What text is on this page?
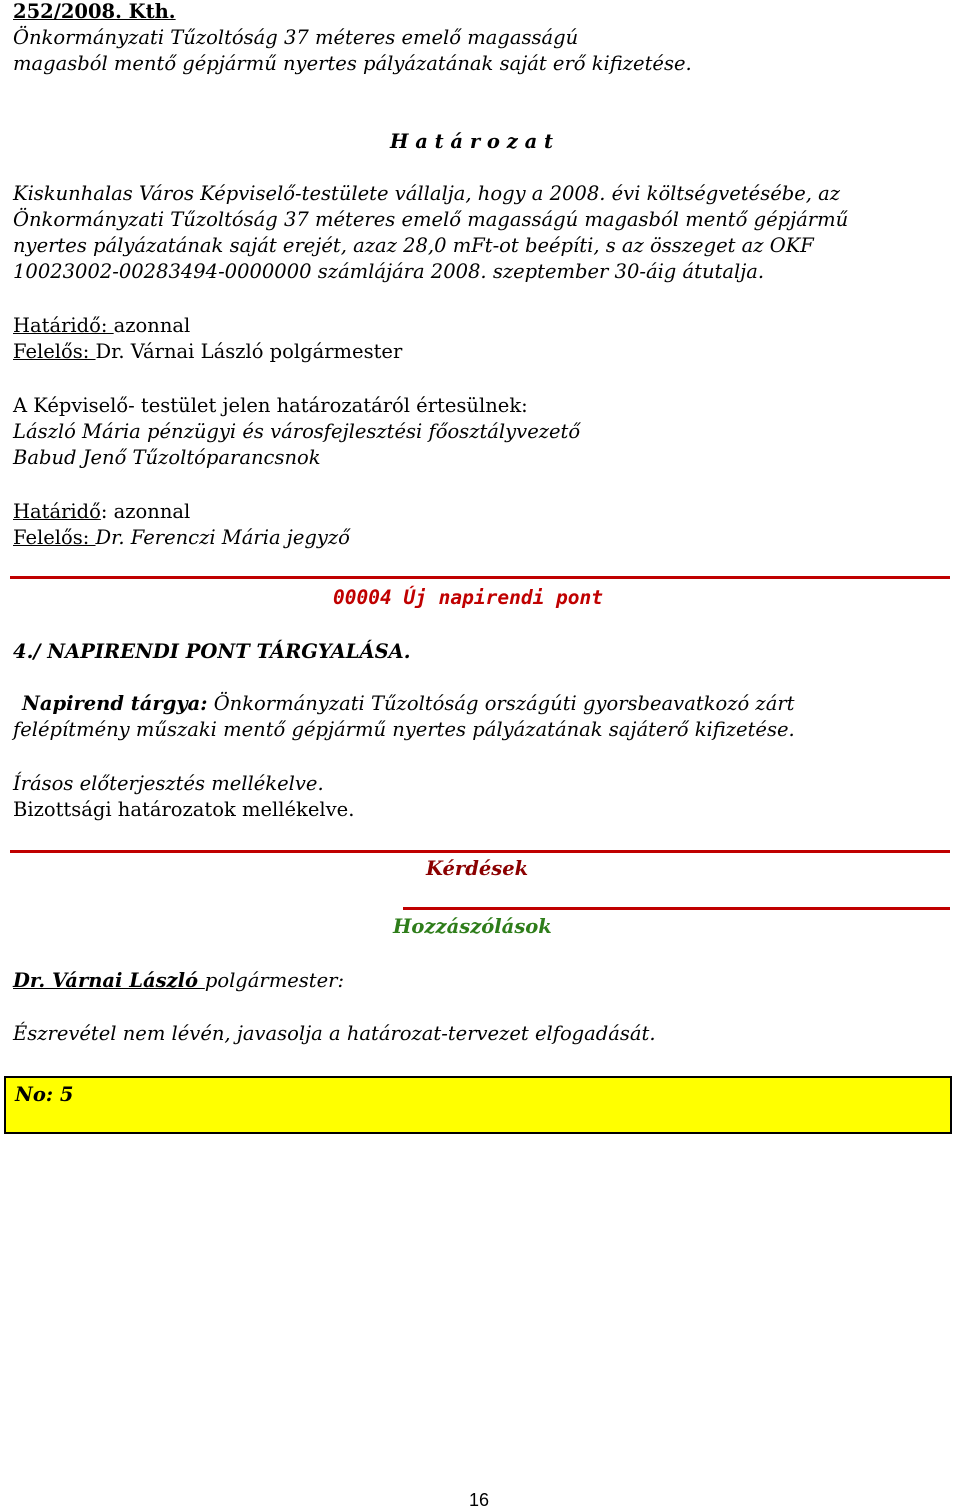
252/2008. Kth.
Önkormányzati Tűzoltóság 37 méteres emelő magasságú
magasból mentő gépjármű nyertes pályázatának saját erő kifizetése.
H a t á r o z a t
Kiskunhalas Város Képviselő-testülete vállalja, hogy a 2008. évi költségvetésébe, az
Önkormányzati Tűzoltóság 37 méteres emelő magasságú magasból mentő gépjármű
nyertes pályázatának saját erejét, azaz 28,0 mFt-ot beépíti, s az összeget az OKF
10023002-00283494-0000000 számlájára 2008. szeptember 30-áig átutalja.
Határidő: azonnal
Felelős: Dr. Várnai László polgármester
A Képviselő- testület jelen határozatáról értesülnek:
László Mária pénzügyi és városfejlesztési főosztályvezető
Babud Jenő Tűzoltóparancsnok
Határidő: azonnal
Felelős: Dr. Ferenczi Mária jegyző
00004 Új napirendi pont
4./ NAPIRENDI PONT TÁRGYALÁSA.
Napirend tárgya: Önkormányzati Tűzoltóság országúti gyorsbeavatkozó zárt
felépítmény műszaki mentő gépjármű nyertes pályázatának sajáterő kifizetése.
Írásos előterjesztés mellékelve.
Bizottsági határozatok mellékelve.
Kérdések
Hozzászólások
Dr. Várnai László polgármester:
Észrevétel nem lévén, javasolja a határozat-tervezet elfogadását.
No: 5
16
